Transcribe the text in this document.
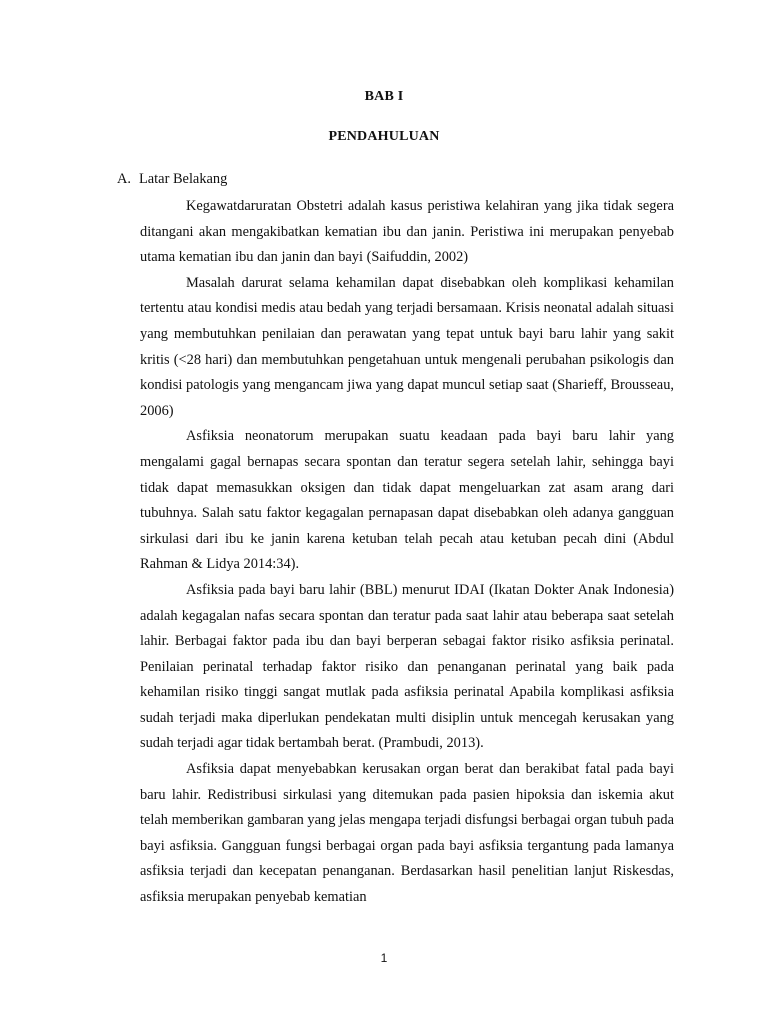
BAB I
PENDAHULUAN
A. Latar Belakang

Kegawatdaruratan Obstetri adalah kasus peristiwa kelahiran yang jika tidak segera ditangani akan mengakibatkan kematian ibu dan janin. Peristiwa ini merupakan penyebab utama kematian ibu dan janin dan bayi (Saifuddin, 2002)

Masalah darurat selama kehamilan dapat disebabkan oleh komplikasi kehamilan tertentu atau kondisi medis atau bedah yang terjadi bersamaan. Krisis neonatal adalah situasi yang membutuhkan penilaian dan perawatan yang tepat untuk bayi baru lahir yang sakit kritis (<28 hari) dan membutuhkan pengetahuan untuk mengenali perubahan psikologis dan kondisi patologis yang mengancam jiwa yang dapat muncul setiap saat (Sharieff, Brousseau, 2006)

Asfiksia neonatorum merupakan suatu keadaan pada bayi baru lahir yang mengalami gagal bernapas secara spontan dan teratur segera setelah lahir, sehingga bayi tidak dapat memasukkan oksigen dan tidak dapat mengeluarkan zat asam arang dari tubuhnya. Salah satu faktor kegagalan pernapasan dapat disebabkan oleh adanya gangguan sirkulasi dari ibu ke janin karena ketuban telah pecah atau ketuban pecah dini (Abdul Rahman & Lidya 2014:34).

Asfiksia pada bayi baru lahir (BBL) menurut IDAI (Ikatan Dokter Anak Indonesia) adalah kegagalan nafas secara spontan dan teratur pada saat lahir atau beberapa saat setelah lahir. Berbagai faktor pada ibu dan bayi berperan sebagai faktor risiko asfiksia perinatal. Penilaian perinatal terhadap faktor risiko dan penanganan perinatal yang baik pada kehamilan risiko tinggi sangat mutlak pada asfiksia perinatal Apabila komplikasi asfiksia sudah terjadi maka diperlukan pendekatan multi disiplin untuk mencegah kerusakan yang sudah terjadi agar tidak bertambah berat. (Prambudi, 2013).

Asfiksia dapat menyebabkan kerusakan organ berat dan berakibat fatal pada bayi baru lahir. Redistribusi sirkulasi yang ditemukan pada pasien hipoksia dan iskemia akut telah memberikan gambaran yang jelas mengapa terjadi disfungsi berbagai organ tubuh pada bayi asfiksia. Gangguan fungsi berbagai organ pada bayi asfiksia tergantung pada lamanya asfiksia terjadi dan kecepatan penanganan. Berdasarkan hasil penelitian lanjut Riskesdas, asfiksia merupakan penyebab kematian

1
